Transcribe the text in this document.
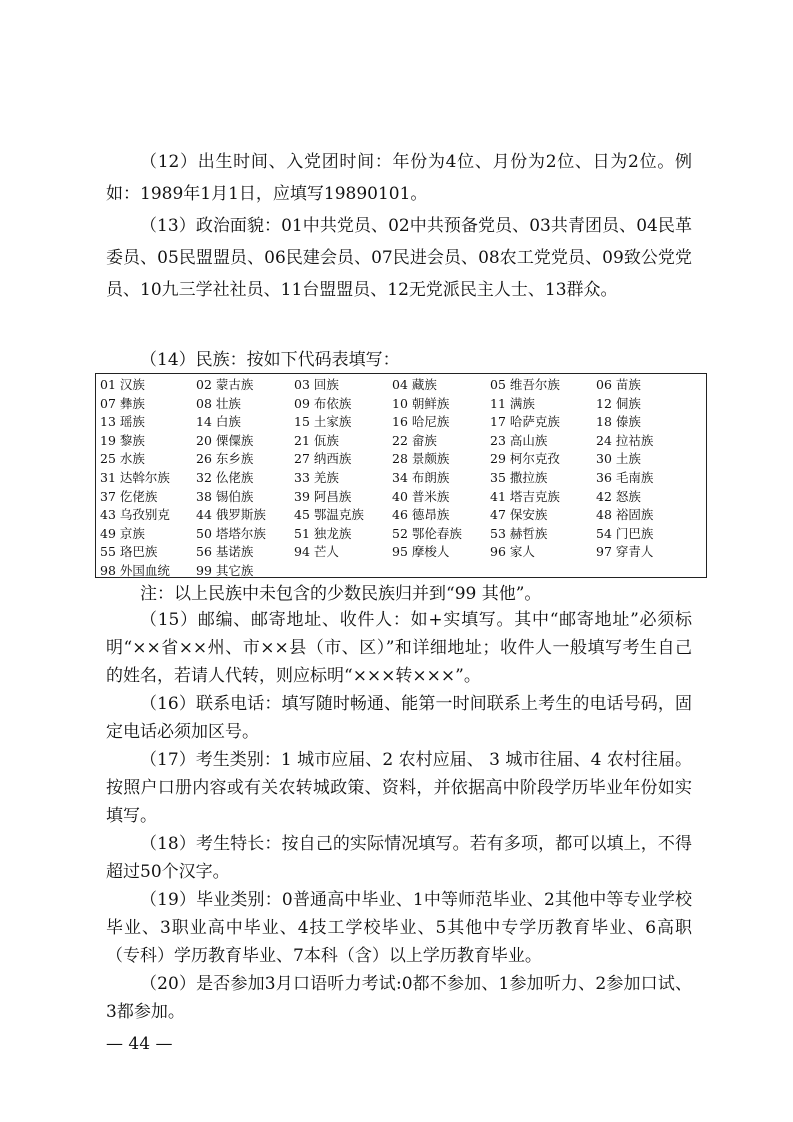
（12）出生时间、入党团时间：年份为4位、月份为2位、日为2位。例如：1989年1月1日，应填写19890101。

（13）政治面貌：01中共党员、02中共预备党员、03共青团员、04民革委员、05民盟盟员、06民建会员、07民进会员、08农工党党员、09致公党党员、10九三学社社员、11台盟盟员、12无党派民主人士、13群众。

（14）民族：按如下代码表填写：

01 汉族	02 蒙古族	03 回族	04 藏族	05 维吾尔族	06 苗族
07 彝族	08 壮族	09 布依族	10 朝鲜族	11 满族	12 侗族
13 瑶族	14 白族	15 土家族	16 哈尼族	17 哈萨克族	18 傣族
19 黎族	20 傈僳族	21 佤族	22 畲族	23 高山族	24 拉祜族
25 水族	26 东乡族	27 纳西族	28 景颇族	29 柯尔克孜	30 土族
31 达斡尔族 32 仫佬族	33 羌族	34 布朗族	35 撒拉族	36 毛南族
37 仡佬族	38 锡伯族	39 阿昌族	40 普米族	41 塔吉克族	42 怒族
43 乌孜别克 44 俄罗斯族 45 鄂温克族 46 德昂族	47 保安族	48 裕固族
49 京族	50 塔塔尔族 51 独龙族	52 鄂伦春族 53 赫哲族	54 门巴族
55 珞巴族	56 基诺族	94 芒人	95 摩梭人	96 家人	97 穿青人
98 外国血统 99 其它族

注：以上民族中未包含的少数民族归并到“99 其他”。

（15）邮编、邮寄地址、收件人：如+实填写。其中“邮寄地址”必须标明“××省××州、市××县（市、区）”和详细地址；收件人一般填写考生自己的姓名，若请人代转，则应标明“×××转×××”。

（16）联系电话：填写随时畅通、能第一时间联系上考生的电话号码，固定电话必须加区号。

（17）考生类别：1 城市应届、2 农村应届、 3 城市往届、4 农村往届。按照户口册内容或有关农转城政策、资料，并依据高中阶段学历毕业年份如实填写。

（18）考生特长：按自己的实际情况填写。若有多项，都可以填上，不得超过50个汉字。

（19）毕业类别：0普通高中毕业、1中等师范毕业、2其他中等专业学校毕业、3职业高中毕业、4技工学校毕业、5其他中专学历教育毕业、6高职（专科）学历教育毕业、7本科（含）以上学历教育毕业。

（20）是否参加3月口语听力考试:0都不参加、1参加听力、2参加口试、3都参加。

— 44 —
